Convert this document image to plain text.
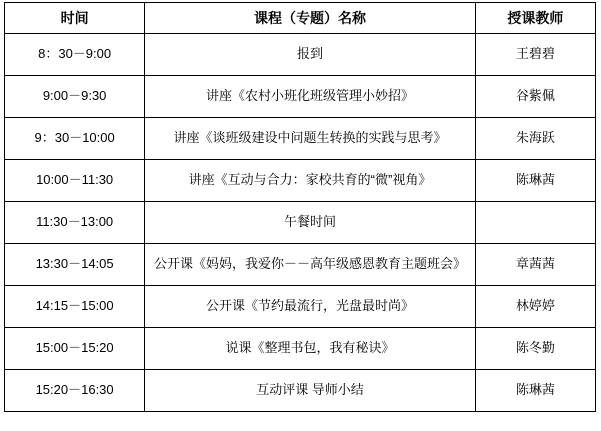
时间	课程（专题）名称	授课教师
8：30－9:00	报到	王碧碧
9:00－9:30	讲座《农村小班化班级管理小妙招》	谷紫佩
9：30－10:00	讲座《谈班级建设中问题生转换的实践与思考》	朱海跃
10:00－11:30	讲座《互动与合力：家校共育的“微”视角》	陈琳茜
11:30－13:00	午餐时间	
13:30－14:05	公开课《妈妈，我爱你－－高年级感恩教育主题班会》	章茜茜
14:15－15:00	公开课《节约最流行，光盘最时尚》	林婷婷
15:00－15:20	说课《整理书包，我有秘诀》	陈冬勤
15:20－16:30	互动评课 导师小结	陈琳茜
